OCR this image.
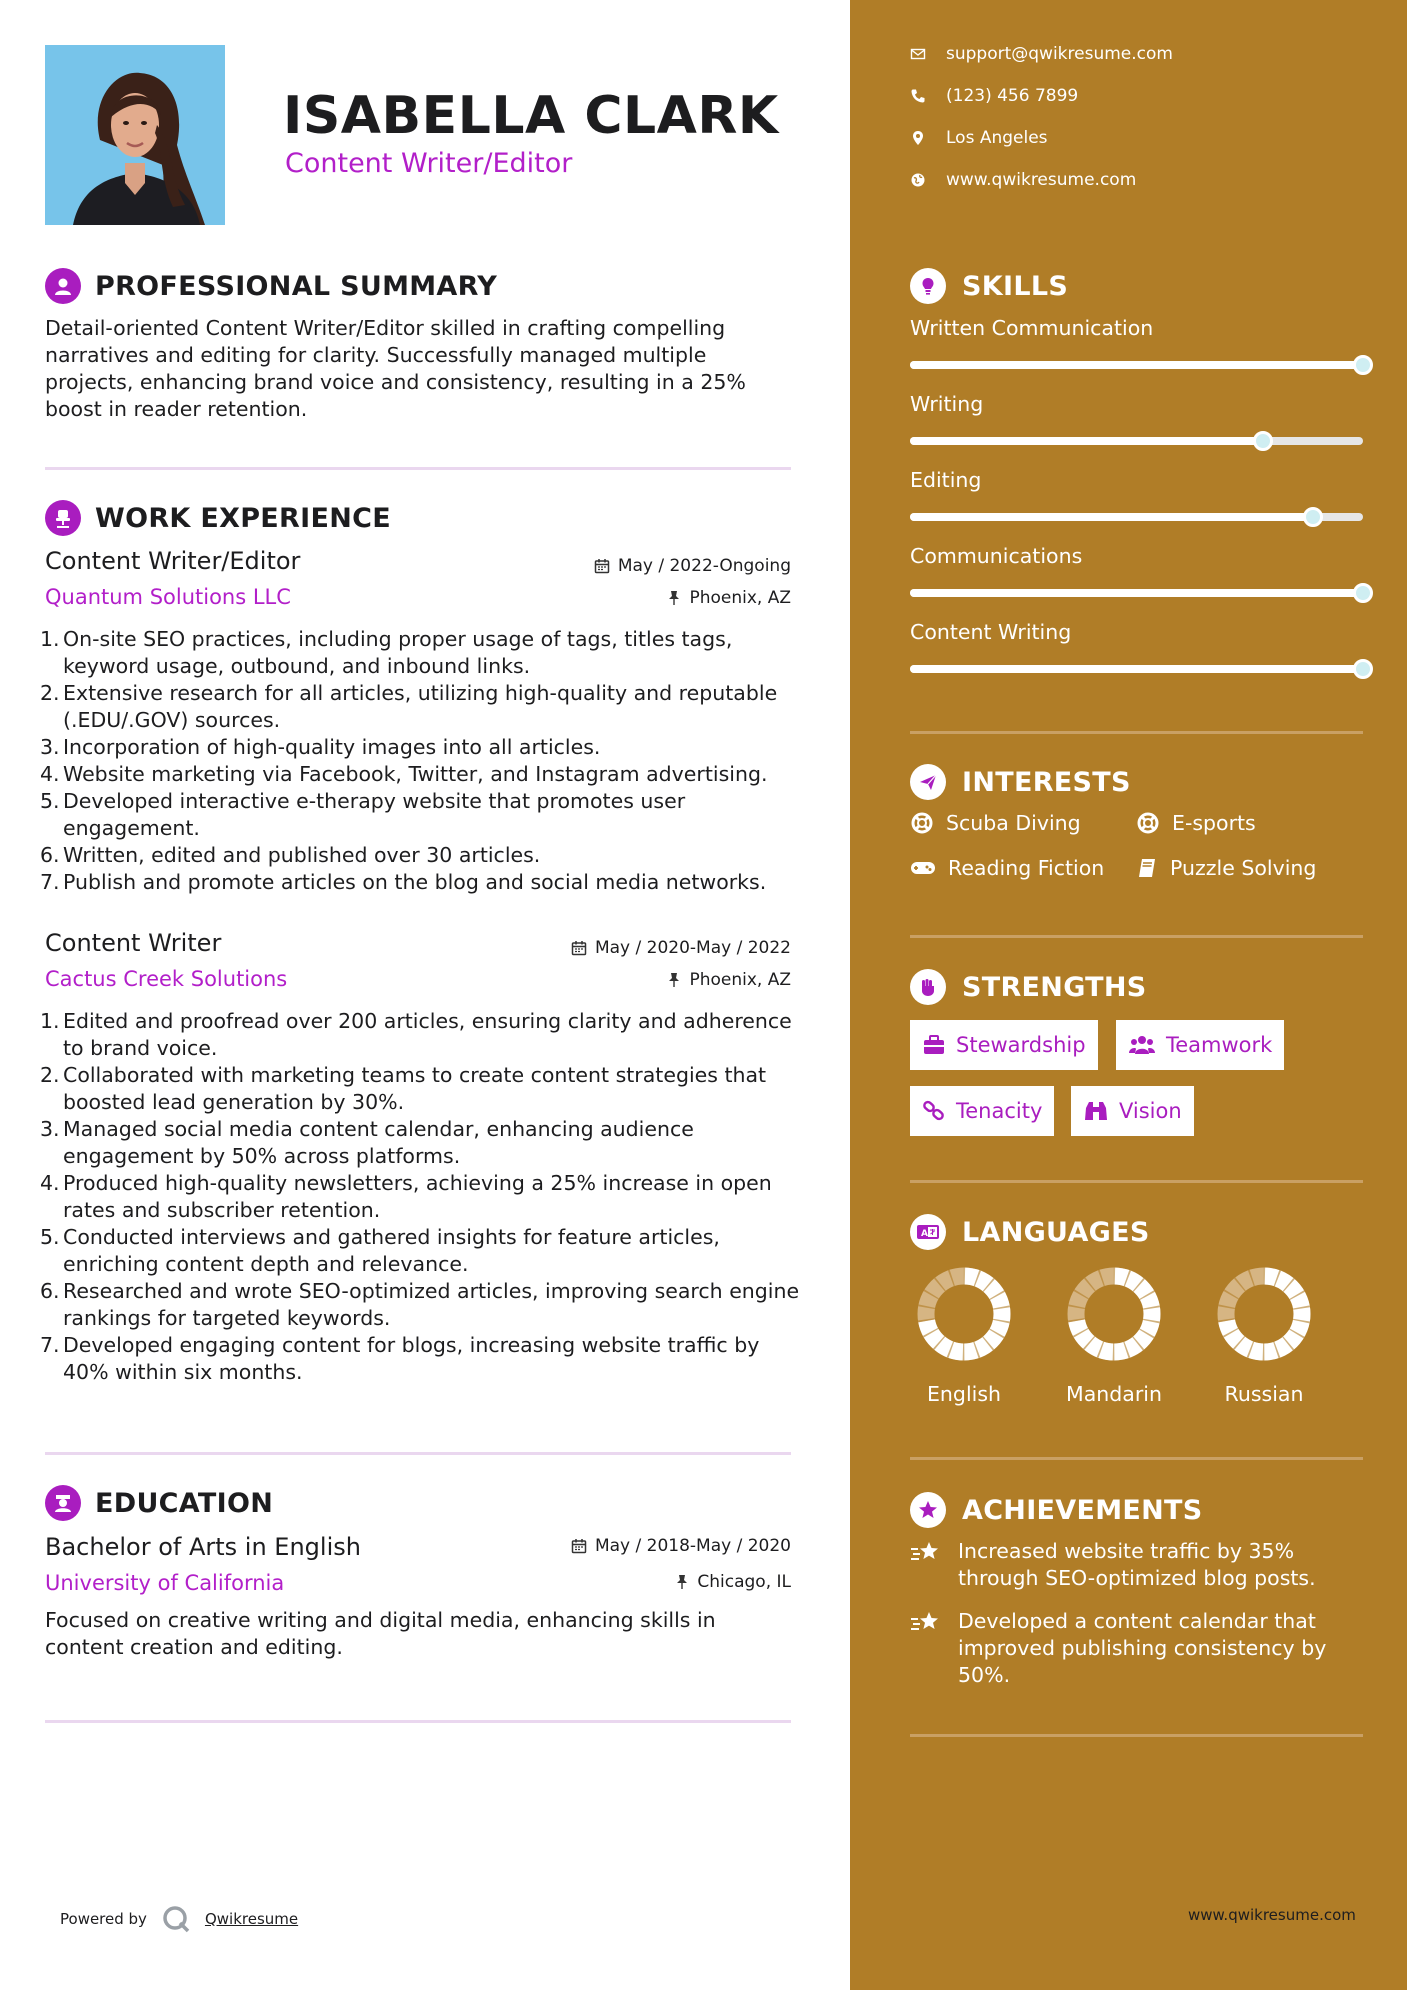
ISABELLA CLARK
Content Writer/Editor
PROFESSIONAL SUMMARY
Detail-oriented Content Writer/Editor skilled in crafting compelling narratives and editing for clarity. Successfully managed multiple projects, enhancing brand voice and consistency, resulting in a 25% boost in reader retention.
WORK EXPERIENCE
Content Writer/Editor	May / 2022-Ongoing
Quantum Solutions LLC	Phoenix, AZ
1. On-site SEO practices, including proper usage of tags, titles tags, keyword usage, outbound, and inbound links.
2. Extensive research for all articles, utilizing high-quality and reputable (.EDU/.GOV) sources.
3. Incorporation of high-quality images into all articles.
4. Website marketing via Facebook, Twitter, and Instagram advertising.
5. Developed interactive e-therapy website that promotes user engagement.
6. Written, edited and published over 30 articles.
7. Publish and promote articles on the blog and social media networks.
Content Writer	May / 2020-May / 2022
Cactus Creek Solutions	Phoenix, AZ
1. Edited and proofread over 200 articles, ensuring clarity and adherence to brand voice.
2. Collaborated with marketing teams to create content strategies that boosted lead generation by 30%.
3. Managed social media content calendar, enhancing audience engagement by 50% across platforms.
4. Produced high-quality newsletters, achieving a 25% increase in open rates and subscriber retention.
5. Conducted interviews and gathered insights for feature articles, enriching content depth and relevance.
6. Researched and wrote SEO-optimized articles, improving search engine rankings for targeted keywords.
7. Developed engaging content for blogs, increasing website traffic by 40% within six months.
EDUCATION
Bachelor of Arts in English	May / 2018-May / 2020
University of California	Chicago, IL
Focused on creative writing and digital media, enhancing skills in content creation and editing.
Powered by	Qwikresume
support@qwikresume.com
(123) 456 7899
Los Angeles
www.qwikresume.com
SKILLS
Written Communication
Writing
Editing
Communications
Content Writing
INTERESTS
Scuba Diving	E-sports
Reading Fiction	Puzzle Solving
STRENGTHS
Stewardship	Teamwork
Tenacity	Vision
A LANGUAGES
English	Mandarin	Russian
ACHIEVEMENTS
Increased website traffic by 35% through SEO-optimized blog posts.
Developed a content calendar that improved publishing consistency by 50%.
www.qwikresume.com
